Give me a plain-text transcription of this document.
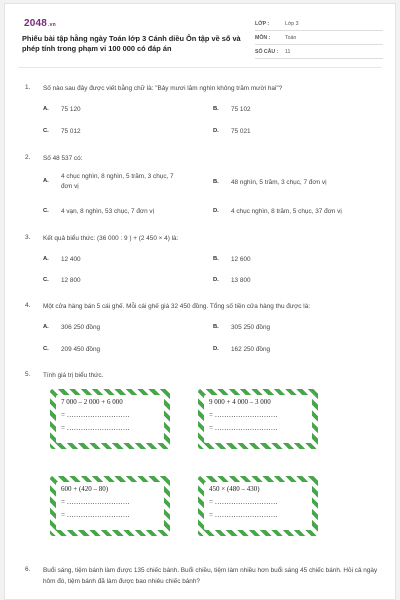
2048.vn
Phiếu bài tập hằng ngày Toán lớp 3 Cánh diều Ôn tập về số và phép tính trong phạm vi 100 000 có đáp án
LỚP :	Lớp 3
MÔN :	Toán
SỐ CÂU :	11
1. Số nào sau đây được viết bằng chữ là: "Bảy mươi lăm nghìn không trăm mười hai"?
A. 75 120	B. 75 102
C. 75 012	D. 75 021
2. Số 48 537 có:
A.
4 chục nghìn, 8 nghìn, 5 trăm, 3 chục, 7 đơn vị
B. 48 nghìn, 5 trăm, 3 chục, 7 đơn vị
C. 4 vạn, 8 nghìn, 53 chục, 7 đơn vị	D. 4 chục nghìn, 8 trăm, 5 chục, 37 đơn vị
3. Kết quả biểu thức: (36 000 : 9 ) + (2 450 × 4) là:
A. 12 400	B. 12 600
C. 12 800	D. 13 800
4. Một cửa hàng bán 5 cái ghế. Mỗi cái ghế giá 32 450 đồng. Tổng số tiền cửa hàng thu được là:
A. 306 250 đồng	B. 305 250 đồng
C. 209 450 đồng	D. 162 250 đồng
5. Tính giá trị biểu thức.
7 000 – 2 000 + 6 000
= ………………………
= ………………………
9 000 + 4 000 – 3 000
= ………………………
= ………………………
600 + (420 – 80)
= ………………………
= ………………………
450 × (480 – 430)
= ………………………
= ………………………
6. Buổi sáng, tiệm bánh làm được 135 chiếc bánh. Buổi chiều, tiệm làm nhiều hơn buổi sáng 45 chiếc bánh. Hỏi cả ngày hôm đó, tiệm bánh đã làm được bao nhiêu chiếc bánh?
